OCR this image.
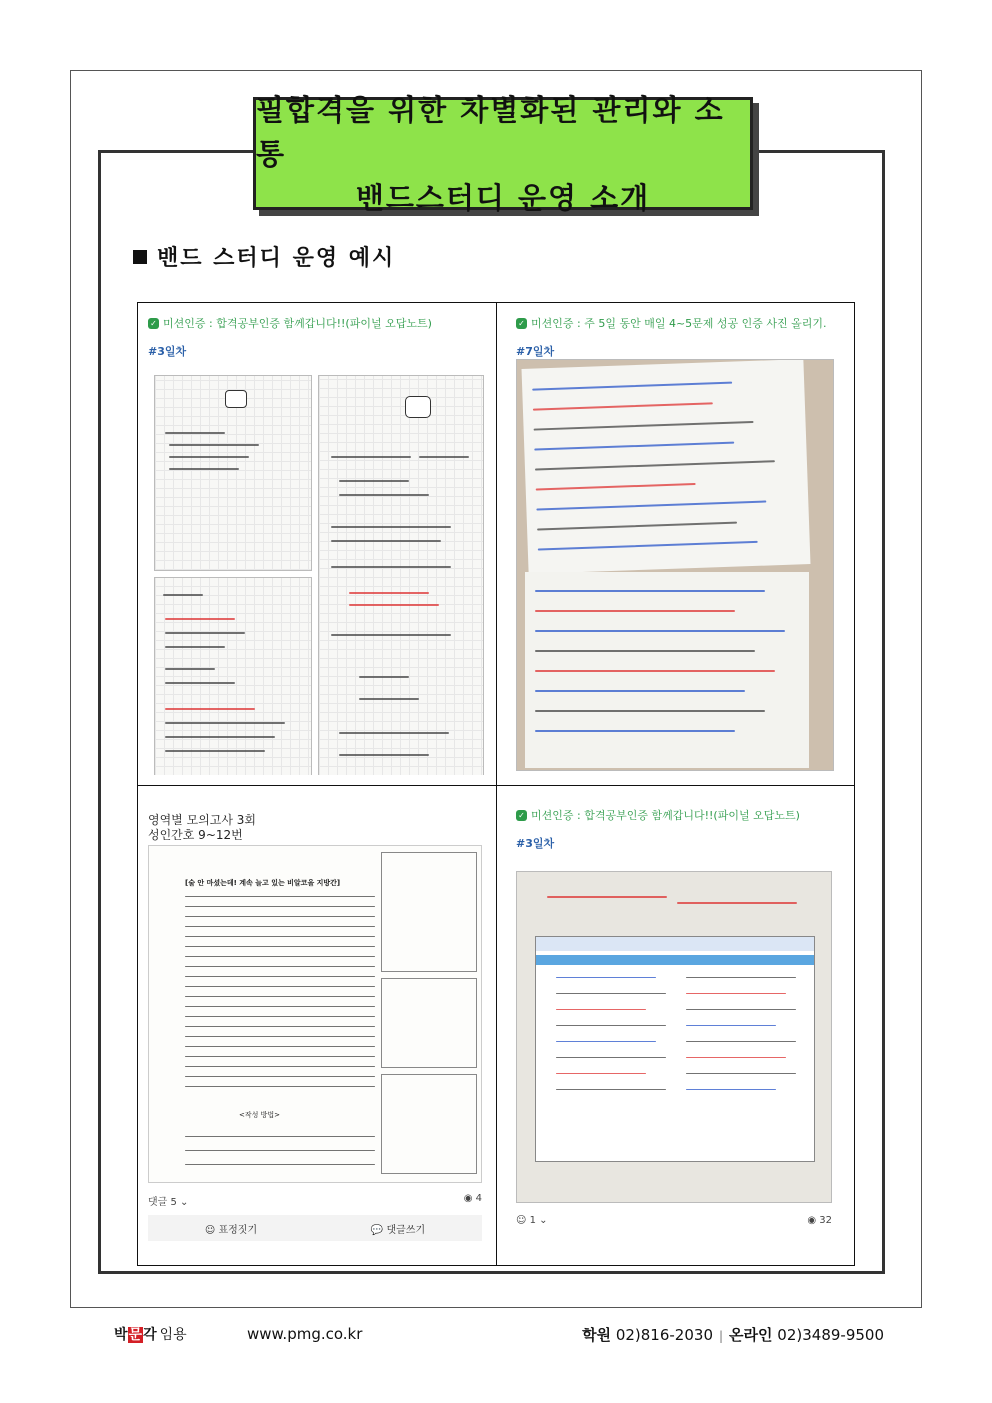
필합격을 위한 차별화된 관리와 소통
밴드스터디 운영 소개
밴드 스터디 운영 예시
✓ 미션인증 : 합격공부인증 함께갑니다!!(파이널 오답노트)
#3일차
✓ 미션인증 : 주 5일 동안 매일 4~5문제 성공 인증 사진 올리기.
#7일차
영역별 모의고사 3회
성인간호 9~12번
[술 안 마셨는데! 계속 늘고 있는 비알코올 지방간]
<작성 방법>
댓글 5 ⌄	◉ 4
☺ 표정짓기	💬 댓글쓰기
✓ 미션인증 : 합격공부인증 함께갑니다!!(파이널 오답노트)
#3일차
☺ 1 ⌄	◉ 32
박문각 임용	www.pmg.co.kr	학원 02)816-2030 | 온라인 02)3489-9500
